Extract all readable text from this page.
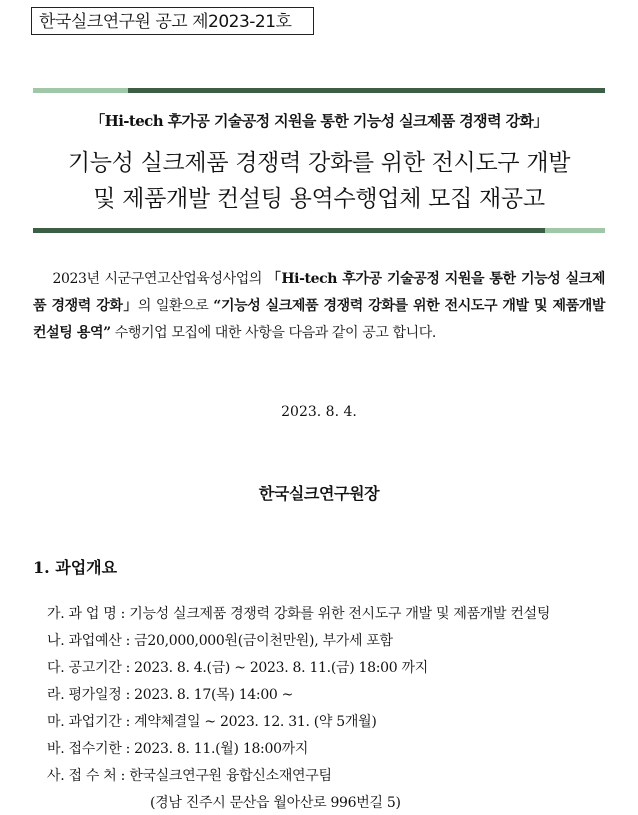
한국실크연구원 공고 제2023-21호
「Hi-tech 후가공 기술공정 지원을 통한 기능성 실크제품 경쟁력 강화」
기능성 실크제품 경쟁력 강화를 위한 전시도구 개발
및 제품개발 컨설팅 용역수행업체 모집 재공고
2023년 시군구연고산업육성사업의 「Hi-tech 후가공 기술공정 지원을 통한 기능성 실크제품 경쟁력 강화」의 일환으로 “기능성 실크제품 경쟁력 강화를 위한 전시도구 개발 및 제품개발 컨설팅 용역” 수행기업 모집에 대한 사항을 다음과 같이 공고 합니다.
2023. 8. 4.
한국실크연구원장
1. 과업개요
가. 과 업 명 : 기능성 실크제품 경쟁력 강화를 위한 전시도구 개발 및 제품개발 컨설팅
나. 과업예산 : 금20,000,000원(금이천만원), 부가세 포함
다. 공고기간 : 2023. 8. 4.(금) ~ 2023. 8. 11.(금) 18:00 까지
라. 평가일정 : 2023. 8. 17(목) 14:00 ~
마. 과업기간 : 계약체결일 ~ 2023. 12. 31. (약 5개월)
바. 접수기한 : 2023. 8. 11.(월) 18:00까지
사. 접 수 처 : 한국실크연구원 융합신소재연구팀
(경남 진주시 문산읍 월아산로 996번길 5)
